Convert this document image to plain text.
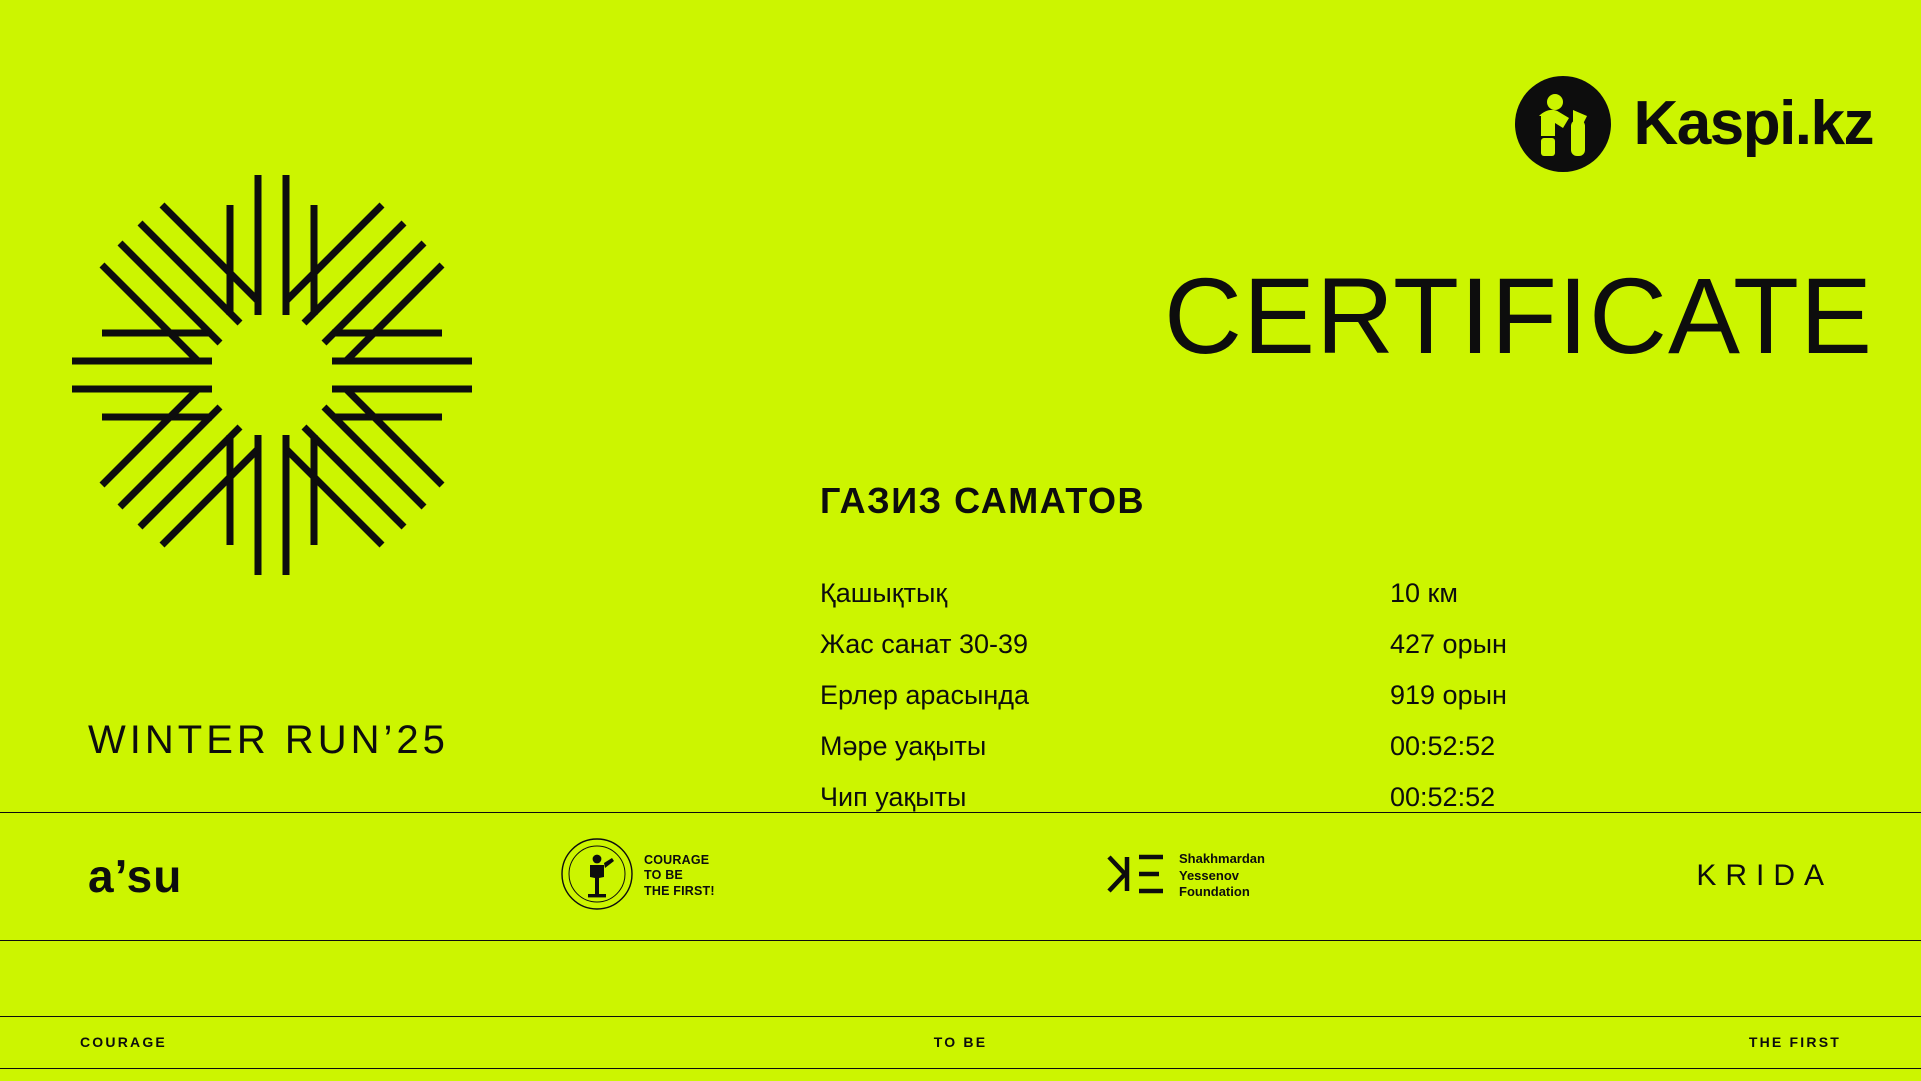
Kaspi.kz
WINTER RUN’25
CERTIFICATE
ГАЗИЗ САМАТОВ
Қашықтық	10 км
Жас санат 30-39	427 орын
Ерлер арасында	919 орын
Мәре уақыты	00:52:52
Чип уақыты	00:52:52
a’su	COURAGE
TO BE
THE FIRST!
Shakhmardan
Yessenov
Foundation	KRIDA
COURAGE	TO BE	THE FIRST
